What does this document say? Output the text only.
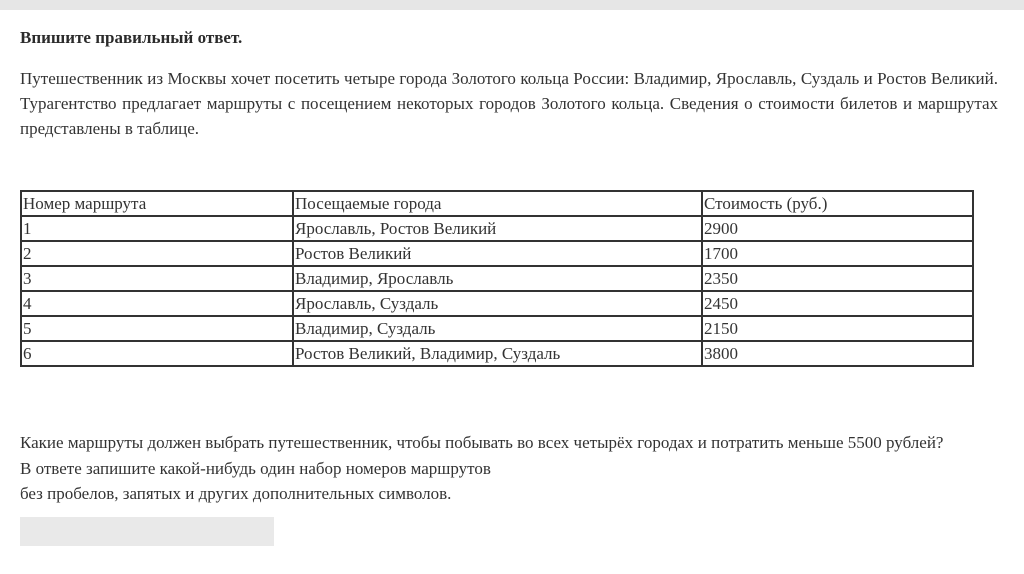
Впишите правильный ответ.

Путешественник из Москвы хочет посетить четыре города Золотого кольца России: Владимир, Ярославль, Суздаль и Ростов Великий. Турагентство предлагает маршруты с посещением некоторых городов Золотого кольца. Сведения о стоимости билетов и маршрутах представлены в таблице.

Номер маршрута	Посещаемые города	Стоимость (руб.)
1	Ярославль, Ростов Великий	2900
2	Ростов Великий	1700
3	Владимир, Ярославль	2350
4	Ярославль, Суздаль	2450
5	Владимир, Суздаль	2150
6	Ростов Великий, Владимир, Суздаль	3800
Какие маршруты должен выбрать путешественник, чтобы побывать во всех четырёх городах и потратить меньше 5500 рублей?
В ответе запишите какой-нибудь один набор номеров маршрутов
без пробелов, запятых и других дополнительных символов.
